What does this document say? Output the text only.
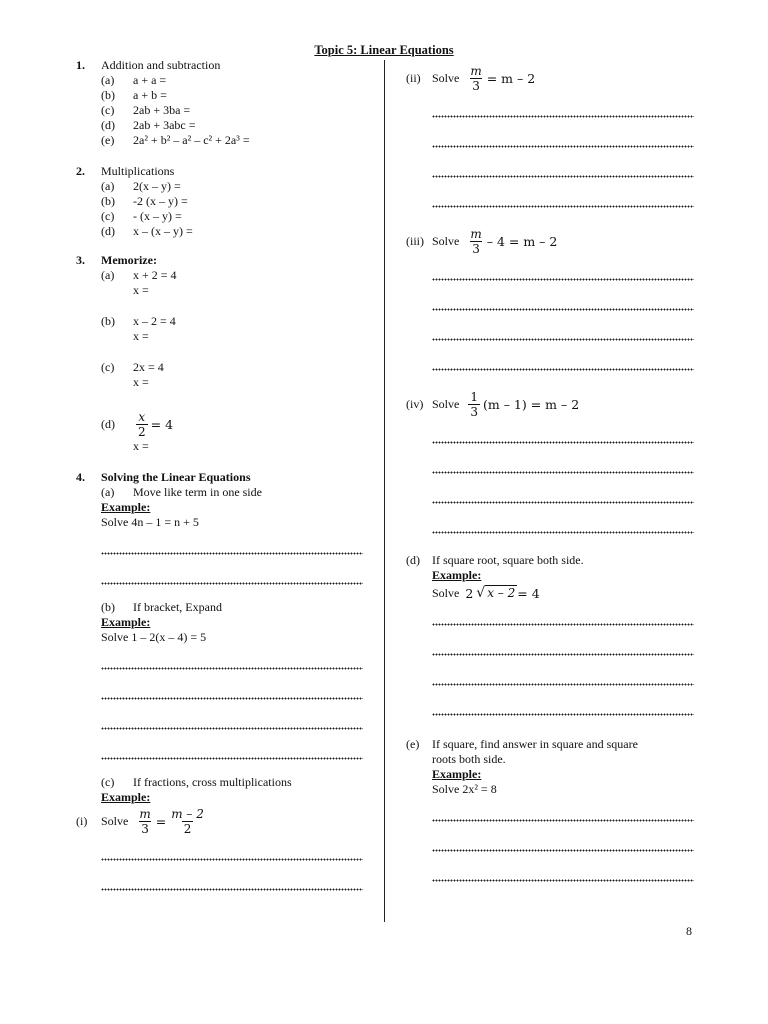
Topic 5: Linear Equations
1.	Addition and subtraction
(a)	a + a =
(b)	a + b =
(c)	2ab + 3ba =
(d)	2ab + 3abc =
(e)	2a² + b² – a² – c² + 2a³ =
2.	Multiplications
(a)	2(x – y) =
(b)	-2 (x – y) =
(c)	- (x – y) =
(d)	x – (x – y) =
3.	Memorize:
(a)	x + 2 = 4
x =
(b)	x – 2 = 4
x =
(c)	2x = 4
x =
(d)	$\frac{x}{2} = 4$
x =
4.	Solving the Linear Equations
(a)	Move like term in one side
Example:
Solve 4n – 1 = n + 5
(b)	If bracket, Expand
Example:
Solve 1 – 2(x – 4) = 5
(c)	If fractions, cross multiplications
Example:
(i)	Solve $\frac{m}{3} = \frac{m - 2}{2}$
(ii) Solve $\frac{m}{3} = m - 2$
(iii) Solve $\frac{m}{3} - 4 = m - 2$
(iv) Solve $\frac{1}{3} (m - 1) = m - 2$
(d)	If square root, square both side.
Example:
Solve 2 √ x – 2 = 4
(e)	If square, find answer in square and square
roots both side.
Example:
Solve 2x² = 8
8
